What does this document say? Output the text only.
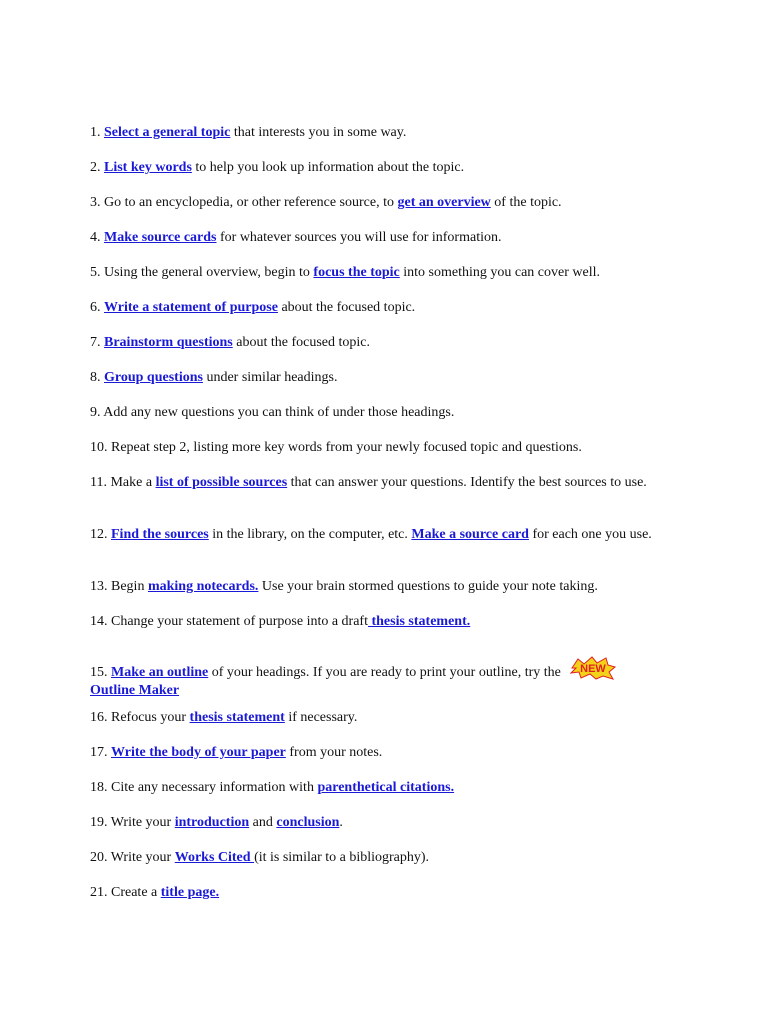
1. Select a general topic that interests you in some way.

2. List key words to help you look up information about the topic.

3. Go to an encyclopedia, or other reference source, to get an overview of the topic.

4. Make source cards for whatever sources you will use for information.

5. Using the general overview, begin to focus the topic into something you can cover well.

6. Write a statement of purpose about the focused topic.

7. Brainstorm questions about the focused topic.

8. Group questions under similar headings.

9. Add any new questions you can think of under those headings.

10. Repeat step 2, listing more key words from your newly focused topic and questions.

11. Make a list of possible sources that can answer your questions. Identify the best sources to use.

12. Find the sources in the library, on the computer, etc. Make a source card for each one you use.

13. Begin making notecards. Use your brain stormed questions to guide your note taking.

14. Change your statement of purpose into a draft thesis statement.

15. Make an outline of your headings. If you are ready to print your outline, try the NEW
Outline Maker

16. Refocus your thesis statement if necessary.

17. Write the body of your paper from your notes.

18. Cite any necessary information with parenthetical citations.

19. Write your introduction and conclusion.

20. Write your Works Cited (it is similar to a bibliography).

21. Create a title page.
